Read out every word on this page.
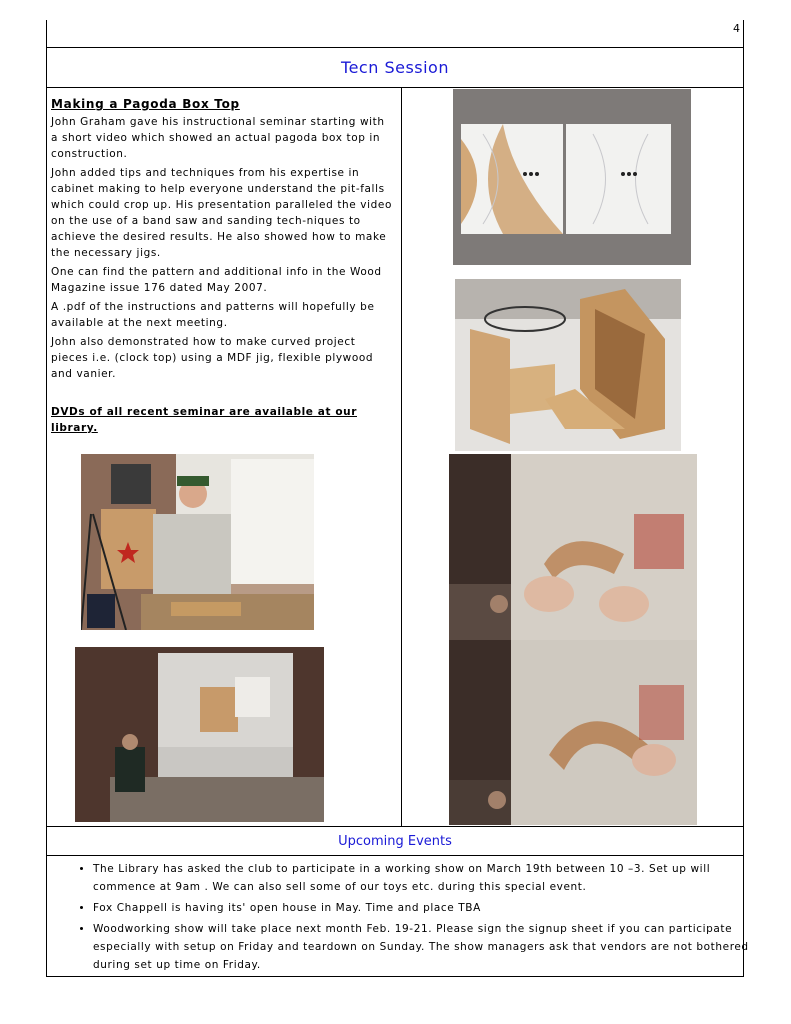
4
Tecn Session
Making a Pagoda Box Top

John Graham gave his instructional seminar starting with a short video which showed an actual pagoda box top in construction.

John added tips and techniques from his expertise in cabinet making to help everyone understand the pit-falls which could crop up. His presentation paralleled the video on the use of a band saw and sanding tech-niques to achieve the desired results. He also showed how to make the necessary jigs.

One can find the pattern and additional info in the Wood Magazine issue 176 dated May 2007.

A .pdf of the instructions and patterns will hopefully be available at the next meeting.

John also demonstrated how to make curved project pieces i.e. (clock top) using a MDF jig, flexible plywood and vanier.

DVDs of all recent seminar are available at our library.

Upcoming Events
• The Library has asked the club to participate in a working show on March 19th between 10 –3. Set up will commence at 9am . We can also sell some of our toys etc. during this special event.
• Fox Chappell is having its' open house in May. Time and place TBA
• Woodworking show will take place next month Feb. 19-21. Please sign the signup sheet if you can participate especially with setup on Friday and teardown on Sunday. The show managers ask that vendors are not bothered during set up time on Friday.
